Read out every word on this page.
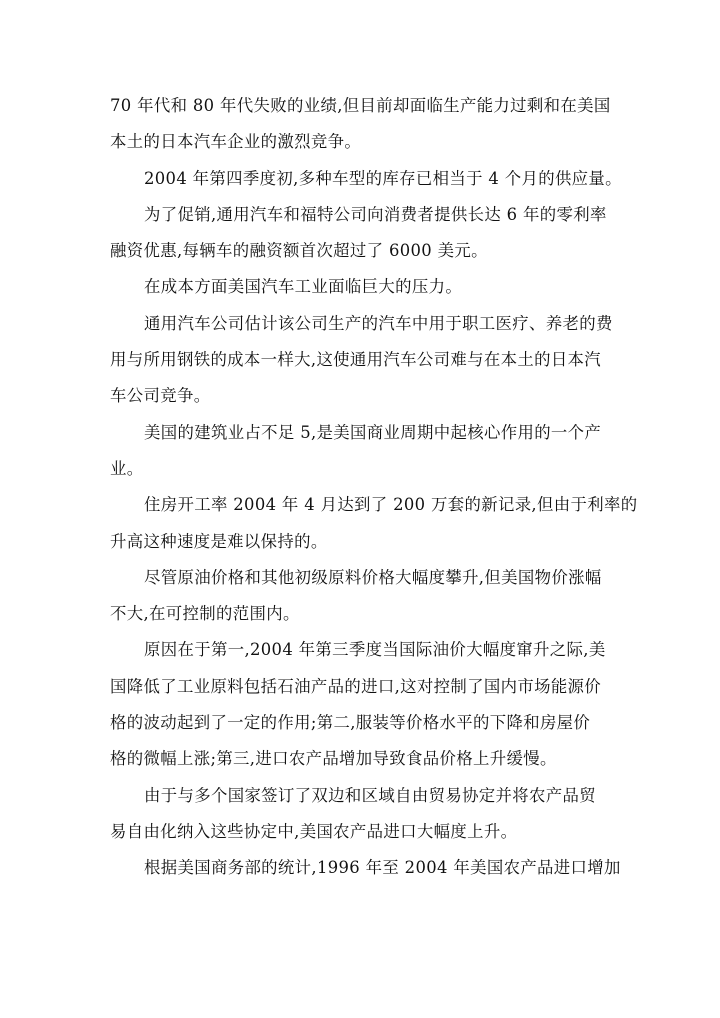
70 年代和 80 年代失败的业绩,但目前却面临生产能力过剩和在美国
本土的日本汽车企业的激烈竞争。
2004 年第四季度初,多种车型的库存已相当于 4 个月的供应量。
为了促销,通用汽车和福特公司向消费者提供长达 6 年的零利率
融资优惠,每辆车的融资额首次超过了 6000 美元。
在成本方面美国汽车工业面临巨大的压力。
通用汽车公司估计该公司生产的汽车中用于职工医疗、养老的费
用与所用钢铁的成本一样大,这使通用汽车公司难与在本土的日本汽
车公司竞争。
美国的建筑业占不足 5,是美国商业周期中起核心作用的一个产
业。
住房开工率 2004 年 4 月达到了 200 万套的新记录,但由于利率的
升高这种速度是难以保持的。
尽管原油价格和其他初级原料价格大幅度攀升,但美国物价涨幅
不大,在可控制的范围内。
原因在于第一,2004 年第三季度当国际油价大幅度窜升之际,美
国降低了工业原料包括石油产品的进口,这对控制了国内市场能源价
格的波动起到了一定的作用;第二,服装等价格水平的下降和房屋价
格的微幅上涨;第三,进口农产品增加导致食品价格上升缓慢。
由于与多个国家签订了双边和区域自由贸易协定并将农产品贸
易自由化纳入这些协定中,美国农产品进口大幅度上升。
根据美国商务部的统计,1996 年至 2004 年美国农产品进口增加
